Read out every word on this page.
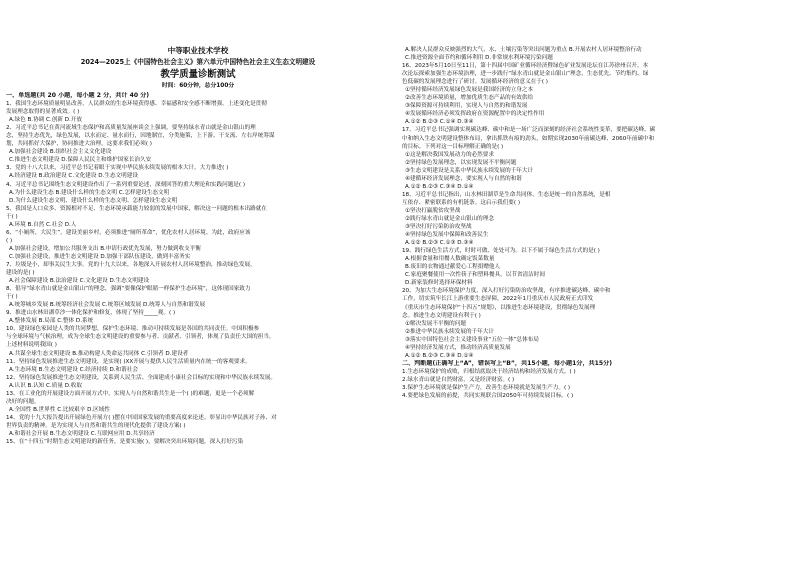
中等职业技术学校
2024—2025上《中国特色社会主义》第六单元中国特色社会主义生态文明建设
教学质量诊断测试
时间：60分钟，总分100分
一、单选题(共 20 小题，每小题 2 分，共计 40 分)
1、我国生态环境质量明显改善，人民群众的生态环境获得感、幸福感和安全感不断增强。上述变化是贯彻
发展理念取得的显著成效。( )
A.绿色 B.协调 C.创新 D.开放
2、习近平总书记在黄河流域生态保护和高质量发展座谈会上强调，要坚持绿水青山就是金山银山的理
念，坚持生态优先，绿色发展，以水而定、量水而行，因地制宜，分类施策，上下游、干支流、左右岸统筹谋
划，共同抓好大保护，协同推进大治理。这要求我们必须( )
A.加强社会建设 B.组织社会主义文化建设
C.推进生态文明建设 D.保障人民民主和维护国家长治久安
3、党的十八大以来，习近平总书记着眼于实现中华民族永续发展的根本大计，大力推进( )
A.经济建设 B.政治建设 C.文化建设 D.生态文明建设
4、习近平总书记围绕生态文明建设作出了一系列重要论述，深刻回答的重大理论和实践问题是( )
A.为什么建设生态 B.建设什么样的生态文明 C.怎样建设生态文明
D.为什么建设生态文明、建设什么样的生态文明、怎样建设生态文明
5、我国是人口众多、资源相对不足、生态环境承载能力较弱的发展中国家，解决这一问题的根本出路就在
于( )
A.环境 B.自然 C.社会 D.人
6、“小厕所，大民生”，建设美丽乡村，必须推进“厕所革命”，优化农村人居环境。为此，政府应该
( )
A.加强社会建设，增加公共服务支出 B.申请行政优先发展，努力做到收支平衡
C.加强社会建设，推进生态文明建设 D.加强干部队伍建设，做到丰富务实
7、垃圾是小，却事关民生大事。党的十九大以来，各地深入开展农村人居环境整治，推动绿色发展，
建设的是( )
A.社会保障建设 B.法治建设 C.文化建设 D.生态文明建设
8、倡导“绿水青山就是金山银山”的理念，强调“要像保护眼睛一样保护生态环境”，这体现国家致力
于( )
A.统筹城乡发展 B.统筹经济社会发展 C.统筹区域发展 D.统筹人与自然和谐发展
9、推进山水林田湖草沙一体化保护和修复，体现了坚持_____观。( )
A.整体发展 B.局部 C.整体 D.系统
10、建设绿色家园是人类的共同梦想，保护生态环境、推动可持续发展是各国的共同责任。中国积极参
与全球环境与气候治理，成为全球生态文明建设的重要参与者、贡献者、引领者，体现了负责任大国的担当。
上述材料说明我国( )
A.共谋全球生态文明建设 B.推动构建人类命运共同体 C.引领者 D.建设者
11、坚持绿色发展推进生态文明建设，是实现( )XX开展与提供人民生活质量内在统一的客观要求。
A.生态环境 B.生态文明建设 C.经济持续 D.和谐社会
12、坚持绿色发展推进生态文明建设，关系到人民生活、全面建成小康社会目标的实现和中华民族永续发展。
A.认识 B.认知 C.质量 D.收取
13、在工业化的开展建设方面开展方式中，实现人与自然和谐共生是一个( )的难题，更是一个必须解
决好的问题。
A.全国性 B.世界性 C.比较艰辛 D.区域性
14、党的十九大报告提出开展绿色开展方( )摆在中国国家发展的重要高度来论述。彰显出中华民族对子孙、对
世界负责的精神，是为实现人与自然和谐共生的现代化提供了建设方案( )
A.和谐社会开展 B.生态文明建设 C.互联网应用 D.共享经济
15、在“十四五”时期生态文明建设的新任务，是要实施( )，要解决突出环境问题，深入打好污染
A.解决人民群众反映强烈的大气、水、土壤污染等突出问题为重点 B.开展农村人居环境整治行动
C.推进资源全面节约和循环利用 D.非常规水利环境污染问题
16、2023年5月10日至11日，第十四届中国矿业循环经济暨绿色矿业发展论坛在江苏徐州召开。本
次论坛探索加强生态环境治理，进一步践行“绿水青山就是金山银山”理念，生态优先、节约集约、绿
色低碳的发展理念进行了研讨。发展循环经济的意义在于( )
①坚持循环经济发展绿色发展是我国经济的立身之本
②改善生态环境质量，增加优质生态产品的有效供给
③保障资源可持续利用，实现人与自然的和谐发展
④发展循环经济必须发挥政府在资源配置中的决定性作用
A.①② B.②③ C.①④ D.③④
17、习近平总书记强调实现碳达峰、碳中和是一场广泛而深刻的经济社会系统性变革，要把碳达峰、碳
中和纳入生态文明建设整体布局，拿出抓铁有痕的劲头，如期实现2030年前碳达峰、2060年前碳中和
的目标。下列对这一目标理解正确的是( )
①这是解决我国发展动力的必然要求
②坚持绿色发展理念，以实现发展不平衡问题
③生态文明建设是关系中华民族永续发展的千年大计
④建循环经济发展理念，要实现人与自然的和谐
A.①② B.②③ C.③④ D.①④
18、习近平总书记指出，山水林田湖草是生命共同体。生态是统一的自然系统，是相
互依存、紧密联系的有机链条。这启示我们要( )
①坚决打赢脱贫攻坚战
②践行绿水青山就是金山银山的理念
③坚决打好污染防治攻坚战
④坚持绿色发展中保障和改善民生
A.①② B.②③ C.①③ D.③④
19、践行绿色生活方式，时时可做、处处可为。以下不属于绿色生活方式的是( )
A.根据食量和用餐人数确定饭菜数量
B.废旧的衣物通过献爱心工程捐赠他人
C.家庭聚餐使用一次性筷子和塑料餐具，以节省清洁时间
D.新家装修时选择环保材料
20、为加大生态环境保护力度，深入打好污染防治攻坚战，有序推进碳达峰、碳中和
工作，切实筑牢长江上游重要生态屏障，2022年1月重庆市人民政府正式印发
《重庆市生态环境保护“十四五”规划》，以推进生态环境建设，贯彻绿色发展理
念。推进生态文明建设有利于( )
①解决发展不平衡的问题
②推进中华民族永续发展的千年大计
③落实中国特色社会主义建设事业“五位一体”总体布局
④坚持经济发展方式，推动经济高质量发展
A.①② B.②③ C.③④ D.①④
二、判断题(正确写上“A”，错误写上“B”，共15小题，每小题1分，共15分)
1.生态环境保护的成败，归根结底取决于经济结构和经济发展方式。( )
2.绿水青山就是自然财富，又是经济财富。( )
3.保护生态环境就是保护生产力，改善生态环境就是发展生产力。( )
4.要把绿色发展的前提，共同实现联合国2050年可持续发展目标。( )
